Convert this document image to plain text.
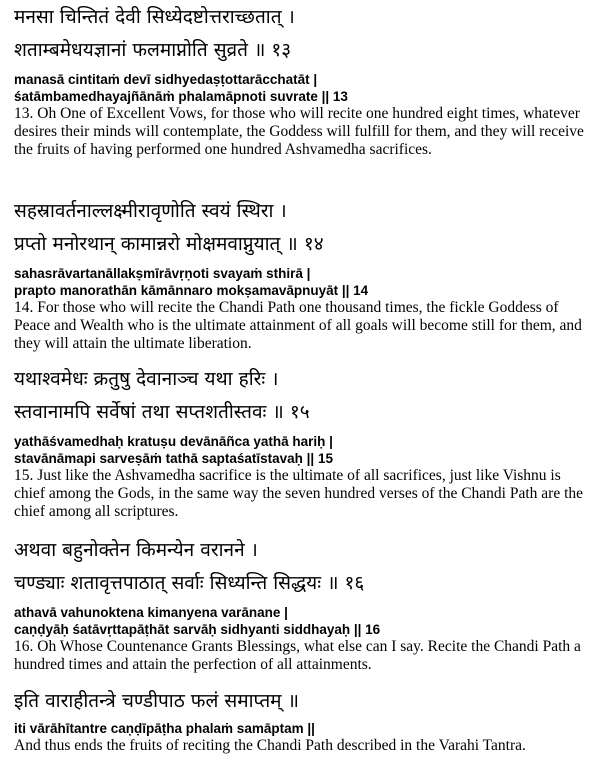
मनसा चिन्तितं देवी सिध्येदष्टोत्तराच्छतात् ।
शताम्बमेधयज्ञानां फलमाप्नोति सुव्रते ॥ १३
manasā cintitaṁ devī sidhyedaṣṭottarācchatāt |
śatāmbamedhayajñānāṁ phalamāpnoti suvrate || 13
13. Oh One of Excellent Vows, for those who will recite one hundred eight times, whatever desires their minds will contemplate, the Goddess will fulfill for them, and they will receive the fruits of having performed one hundred Ashvamedha sacrifices.
सहस्रावर्तनाल्लक्ष्मीरावृणोति स्वयं स्थिरा ।
प्रप्तो मनोरथान् कामान्नरो मोक्षमवाप्नुयात् ॥ १४
sahasrāvartanāllakṣmīrāvṛṇoti svayaṁ sthirā |
prapto manorathān kāmānnaro mokṣamavāpnuyāt || 14
14. For those who will recite the Chandi Path one thousand times, the fickle Goddess of Peace and Wealth who is the ultimate attainment of all goals will become still for them, and they will attain the ultimate liberation.
यथाश्वमेधः क्रतुषु देवानाञ्च यथा हरिः ।
स्तवानामपि सर्वेषां तथा सप्तशतीस्तवः ॥ १५
yathāśvamedhaḥ kratuṣu devānāñca yathā hariḥ |
stavānāmapi sarveṣāṁ tathā saptaśatīstavaḥ || 15
15. Just like the Ashvamedha sacrifice is the ultimate of all sacrifices, just like Vishnu is chief among the Gods, in the same way the seven hundred verses of the Chandi Path are the chief among all scriptures.
अथवा बहुनोक्तेन किमन्येन वरानने ।
चण्ड्याः शतावृत्तपाठात् सर्वाः सिध्यन्ति सिद्धयः ॥ १६
athavā vahunoktena kimanyena varānane |
caṇḍyāḥ śatāvṛttapāṭhāt sarvāḥ sidhyanti siddhayaḥ || 16
16. Oh Whose Countenance Grants Blessings, what else can I say. Recite the Chandi Path a hundred times and attain the perfection of all attainments.
इति वाराहीतन्त्रे चण्डीपाठ फलं समाप्तम् ॥
iti vārāhītantre caṇḍīpāṭha phalaṁ samāptam ||
And thus ends the fruits of reciting the Chandi Path described in the Varahi Tantra.
